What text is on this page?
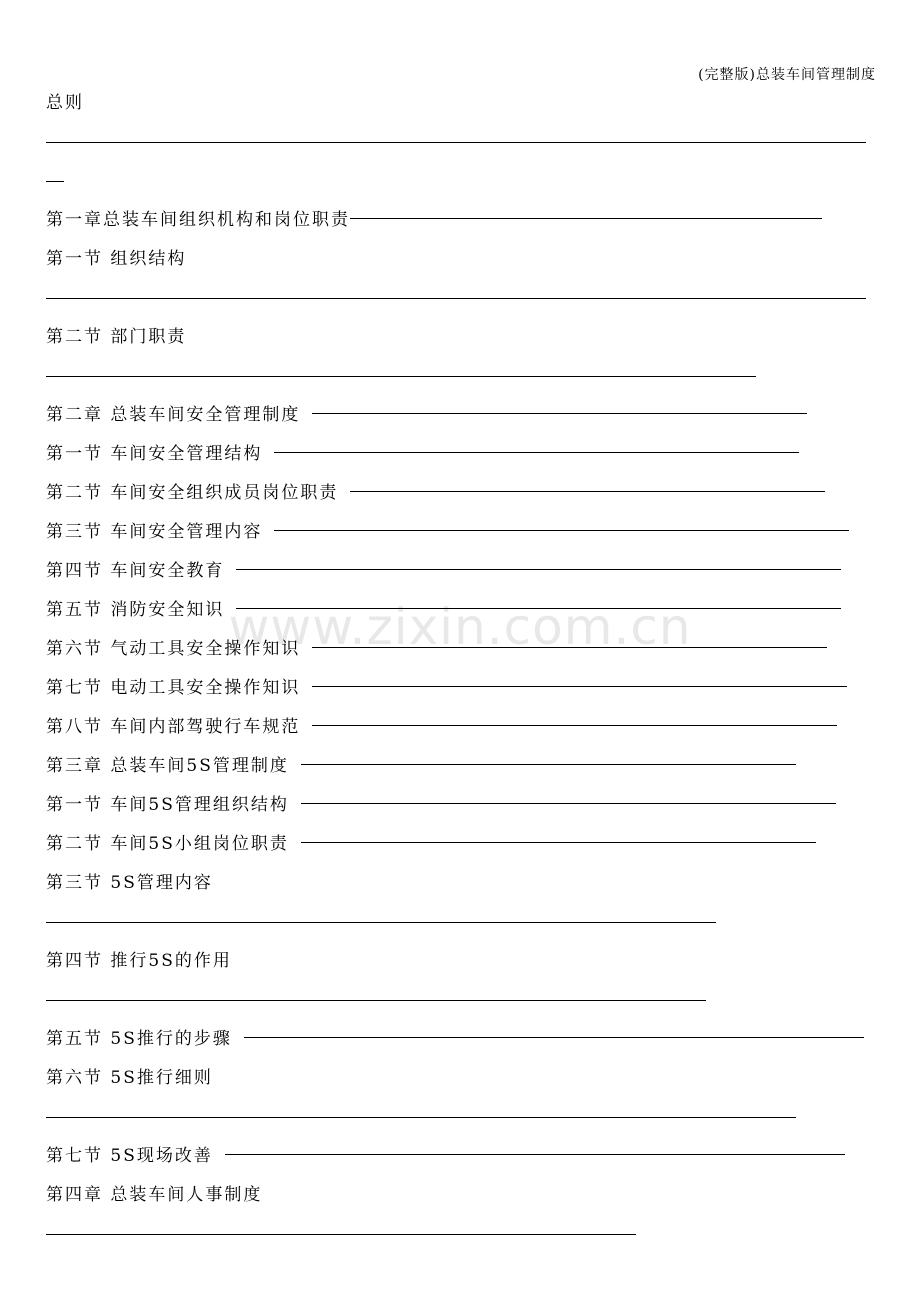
(完整版)总装车间管理制度
www.zixin.com.cn
总则
第一章总装车间组织机构和岗位职责
第一节 组织结构
第二节 部门职责
第二章 总装车间安全管理制度
第一节 车间安全管理结构
第二节 车间安全组织成员岗位职责
第三节 车间安全管理内容
第四节 车间安全教育
第五节 消防安全知识
第六节 气动工具安全操作知识
第七节 电动工具安全操作知识
第八节 车间内部驾驶行车规范
第三章 总装车间5S管理制度
第一节 车间5S管理组织结构
第二节 车间5S小组岗位职责
第三节 5S管理内容
第四节 推行5S的作用
第五节 5S推行的步骤
第六节 5S推行细则
第七节 5S现场改善
第四章 总装车间人事制度
